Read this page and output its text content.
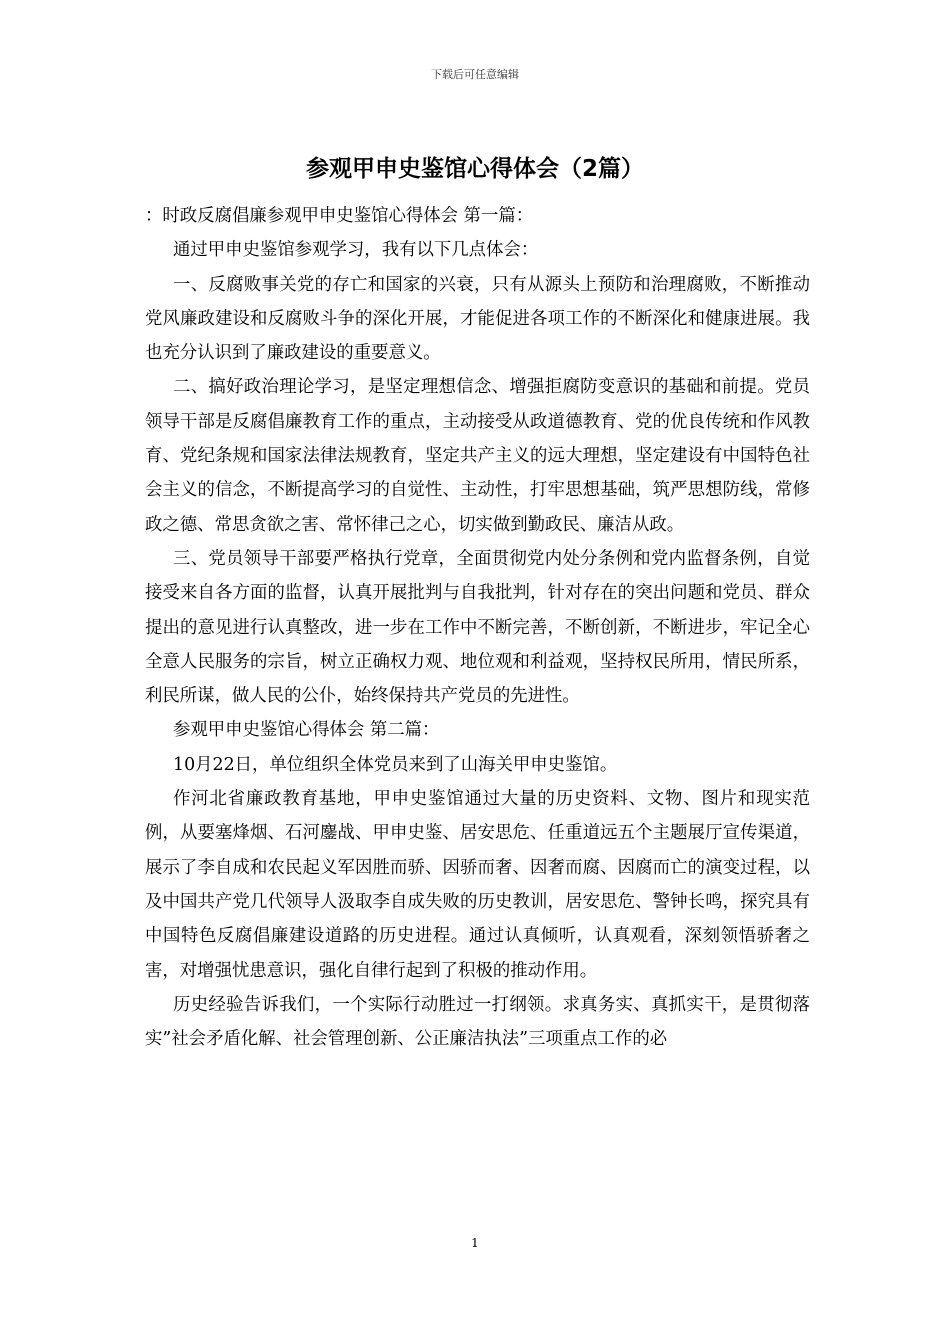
下载后可任意编辑
参观甲申史鉴馆心得体会（2篇）

：时政反腐倡廉参观甲申史鉴馆心得体会 第一篇：

通过甲申史鉴馆参观学习，我有以下几点体会：

一、反腐败事关党的存亡和国家的兴衰，只有从源头上预防和治理腐败，不断推动党风廉政建设和反腐败斗争的深化开展，才能促进各项工作的不断深化和健康进展。我也充分认识到了廉政建设的重要意义。

二、搞好政治理论学习，是坚定理想信念、增强拒腐防变意识的基础和前提。党员领导干部是反腐倡廉教育工作的重点，主动接受从政道德教育、党的优良传统和作风教育、党纪条规和国家法律法规教育，坚定共产主义的远大理想，坚定建设有中国特色社会主义的信念，不断提高学习的自觉性、主动性，打牢思想基础，筑严思想防线，常修政之德、常思贪欲之害、常怀律己之心，切实做到勤政民、廉洁从政。

三、党员领导干部要严格执行党章，全面贯彻党内处分条例和党内监督条例，自觉接受来自各方面的监督，认真开展批判与自我批判，针对存在的突出问题和党员、群众提出的意见进行认真整改，进一步在工作中不断完善，不断创新，不断进步，牢记全心全意人民服务的宗旨，树立正确权力观、地位观和利益观，坚持权民所用，情民所系，利民所谋，做人民的公仆，始终保持共产党员的先进性。

参观甲申史鉴馆心得体会 第二篇：

10月22日，单位组织全体党员来到了山海关甲申史鉴馆。

作河北省廉政教育基地，甲申史鉴馆通过大量的历史资料、文物、图片和现实范例，从要塞烽烟、石河鏖战、甲申史鉴、居安思危、任重道远五个主题展厅宣传渠道，展示了李自成和农民起义军因胜而骄、因骄而奢、因奢而腐、因腐而亡的演变过程，以及中国共产党几代领导人汲取李自成失败的历史教训，居安思危、警钟长鸣，探究具有中国特色反腐倡廉建设道路的历史进程。通过认真倾听，认真观看，深刻领悟骄奢之害，对增强忧患意识，强化自律行起到了积极的推动作用。

历史经验告诉我们，一个实际行动胜过一打纲领。求真务实、真抓实干，是贯彻落实”社会矛盾化解、社会管理创新、公正廉洁执法”三项重点工作的必

1
